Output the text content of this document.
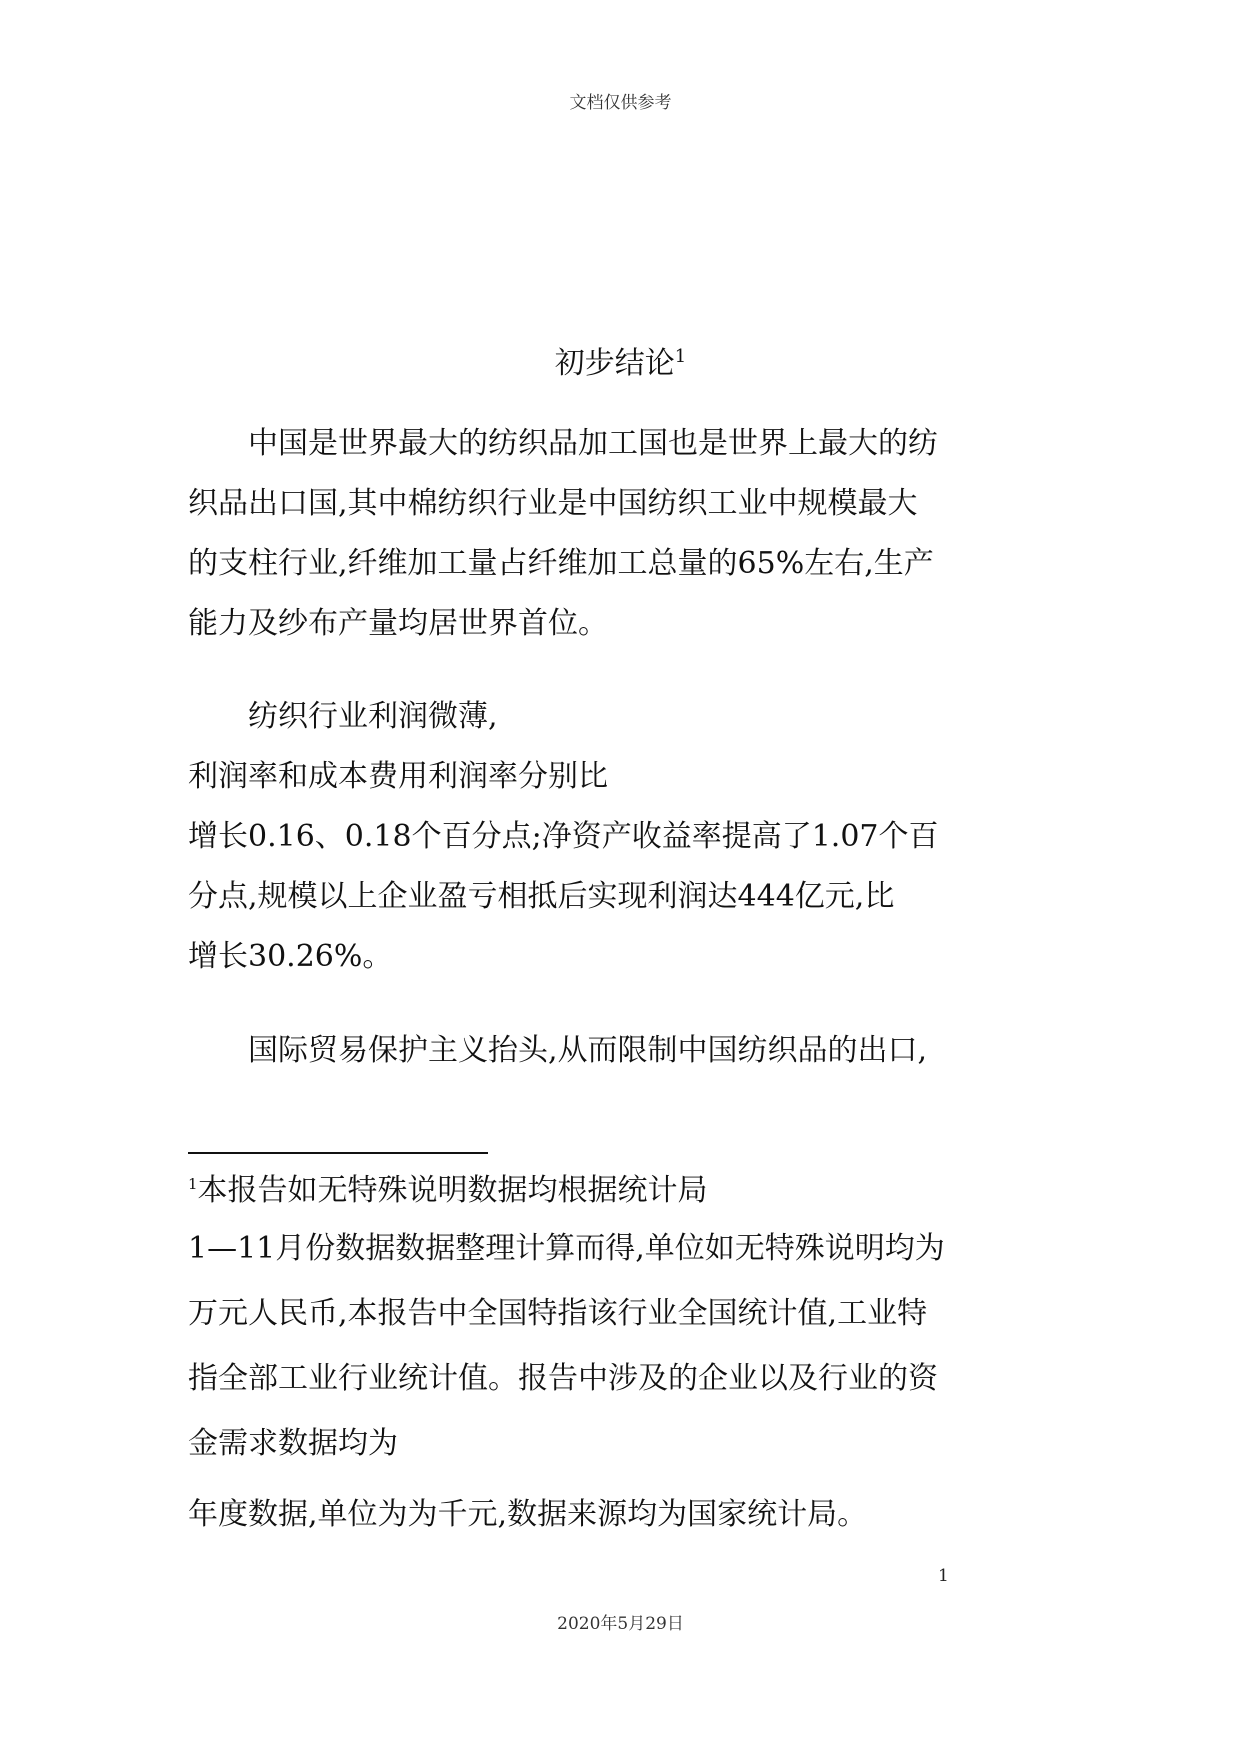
文档仅供参考
初步结论$^1$
中国是世界最大的纺织品加工国也是世界上最大的纺
织品出口国,其中棉纺织行业是中国纺织工业中规模最大
的支柱行业,纤维加工量占纤维加工总量的65%左右,生产
能力及纱布产量均居世界首位。
纺织行业利润微薄,
利润率和成本费用利润率分别比
增长0.16、0.18个百分点;净资产收益率提高了1.07个百
分点,规模以上企业盈亏相抵后实现利润达444亿元,比
增长30.26%。
国际贸易保护主义抬头,从而限制中国纺织品的出口,
$^1$本报告如无特殊说明数据均根据统计局
1—11月份数据数据整理计算而得,单位如无特殊说明均为
万元人民币,本报告中全国特指该行业全国统计值,工业特
指全部工业行业统计值。报告中涉及的企业以及行业的资
金需求数据均为
年度数据,单位为为千元,数据来源均为国家统计局。
1
2020年5月29日
